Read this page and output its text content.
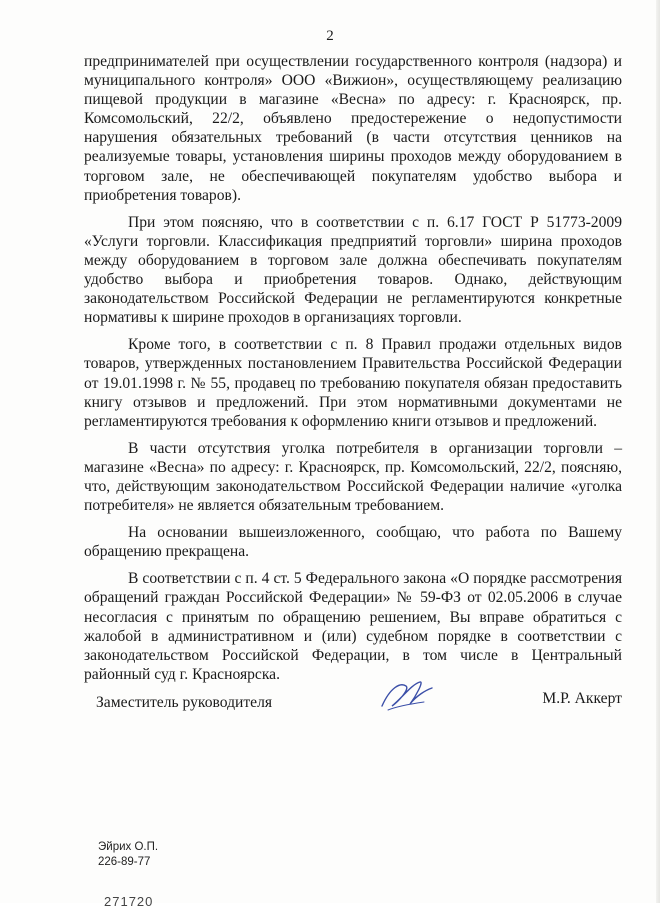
2

предпринимателей при осуществлении государственного контроля (надзора) и муниципального контроля» ООО «Вижион», осуществляющему реализацию пищевой продукции в магазине «Весна» по адресу: г. Красноярск, пр. Комсомольский, 22/2, объявлено предостережение о недопустимости нарушения обязательных требований (в части отсутствия ценников на реализуемые товары, установления ширины проходов между оборудованием в торговом зале, не обеспечивающей покупателям удобство выбора и приобретения товаров).

При этом поясняю, что в соответствии с п. 6.17 ГОСТ Р 51773-2009 «Услуги торговли. Классификация предприятий торговли» ширина проходов между оборудованием в торговом зале должна обеспечивать покупателям удобство выбора и приобретения товаров. Однако, действующим законодательством Российской Федерации не регламентируются конкретные нормативы к ширине проходов в организациях торговли.

Кроме того, в соответствии с п. 8 Правил продажи отдельных видов товаров, утвержденных постановлением Правительства Российской Федерации от 19.01.1998 г. № 55, продавец по требованию покупателя обязан предоставить книгу отзывов и предложений. При этом нормативными документами не регламентируются требования к оформлению книги отзывов и предложений.

В части отсутствия уголка потребителя в организации торговли – магазине «Весна» по адресу: г. Красноярск, пр. Комсомольский, 22/2, поясняю, что, действующим законодательством Российской Федерации наличие «уголка потребителя» не является обязательным требованием.

На основании вышеизложенного, сообщаю, что работа по Вашему обращению прекращена.

В соответствии с п. 4 ст. 5 Федерального закона «О порядке рассмотрения обращений граждан Российской Федерации» № 59-ФЗ от 02.05.2006 в случае несогласия с принятым по обращению решением, Вы вправе обратиться с жалобой в административном и (или) судебном порядке в соответствии с законодательством Российской Федерации, в том числе в Центральный районный суд г. Красноярска.

Заместитель руководителя	М.Р. Аккерт
Эйрих О.П.
226-89-77
271720
